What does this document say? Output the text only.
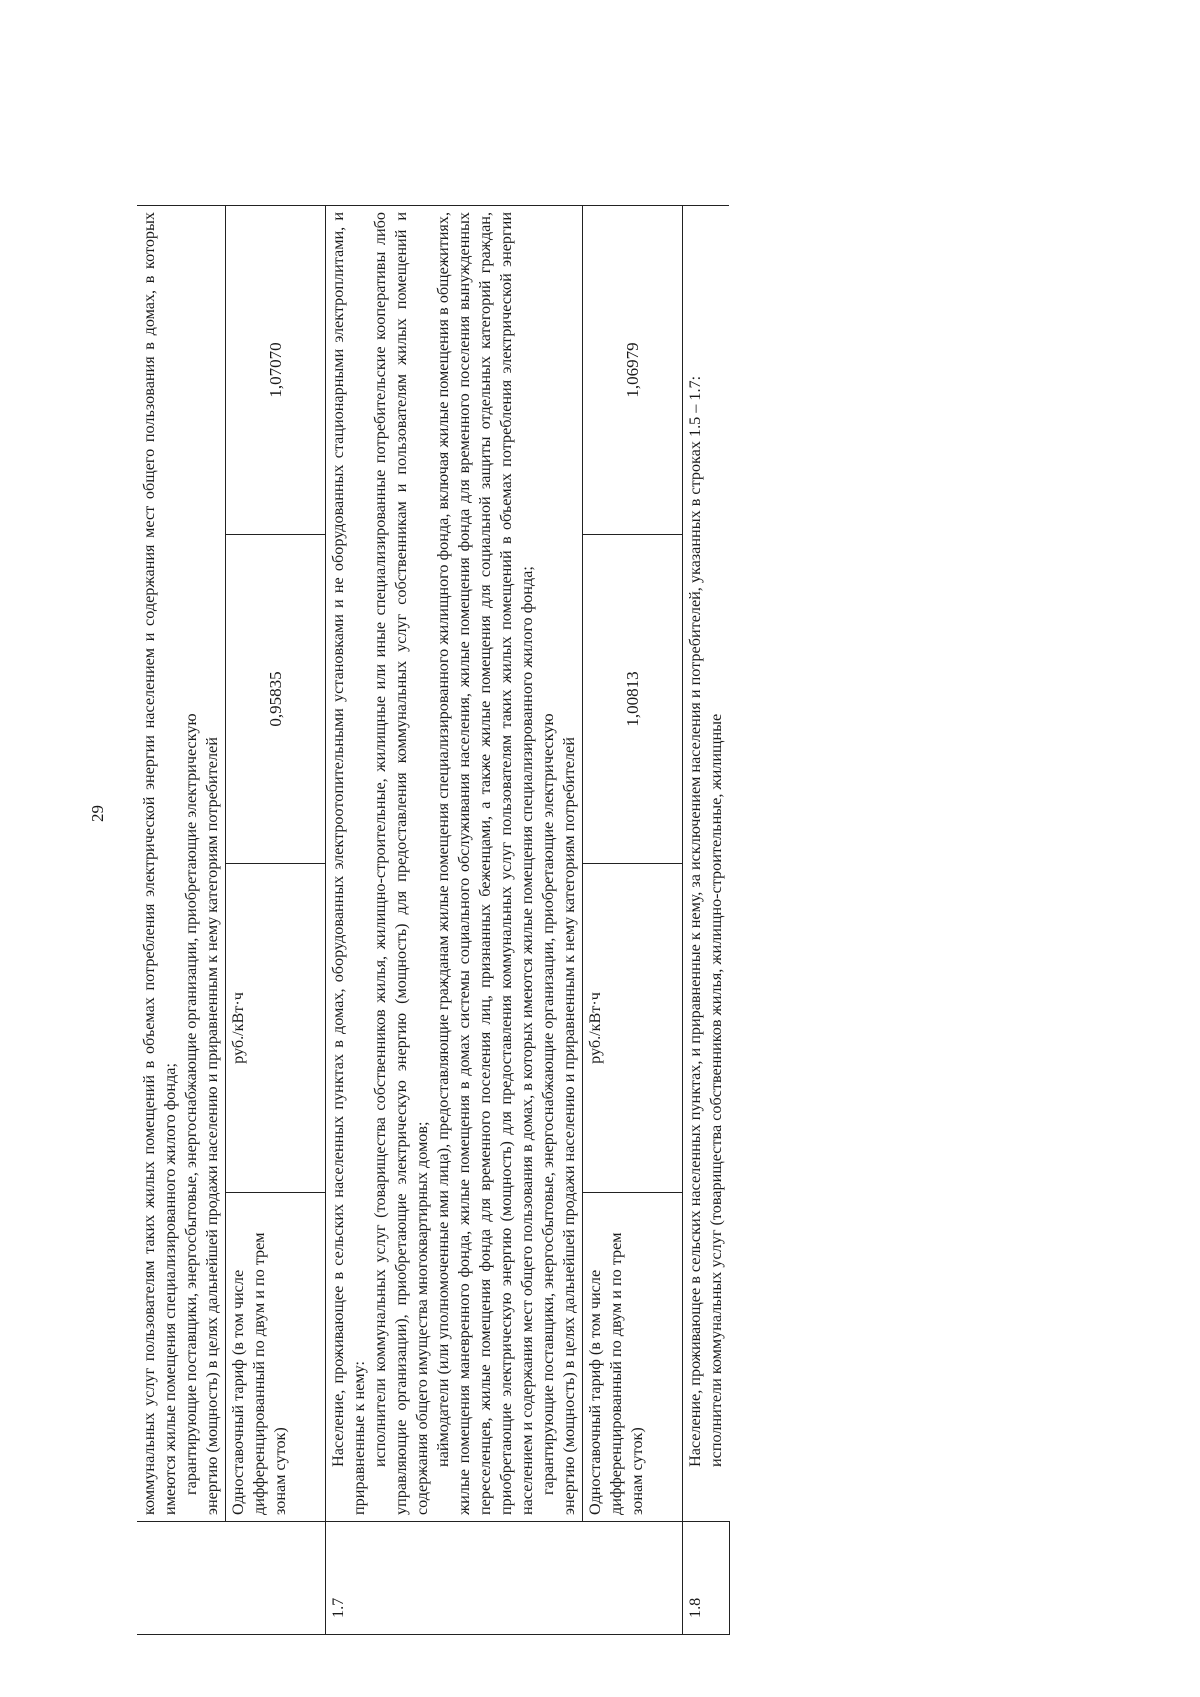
29

	коммунальных услуг пользователям таких жилых помещений в объемах потребления электрической энергии населением и содержания мест общего пользования в домах, в которых имеются жилые помещения специализированного жилого фонда; гарантирующие поставщики, энергосбытовые, энергоснабжающие организации, приобретающие электрическую энергию (мощность) в целях дальнейшей продажи населению и приравненным к нему категориям потребителей			

	Одноставочный тариф (в том числе дифференцированный по двум и по трем зонам суток)	руб./кВт·ч	0,95835	1,07070
1.7	Население, проживающее в сельских населенных пунктах в домах, оборудованных электроотопительными установками и не оборудованных стационарными электроплитами, и приравненные к нему: исполнители коммунальных услуг (товарищества собственников жилья, жилищно-строительные, жилищные или иные специализированные потребительские кооперативы либо управляющие организации), приобретающие электрическую энергию (мощность) для предоставления коммунальных услуг собственникам и пользователям жилых помещений и содержания общего имущества многоквартирных домов; наймодатели (или уполномоченные ими лица), предоставляющие гражданам жилые помещения специализированного жилищного фонда, включая жилые помещения в общежитиях, жилые помещения маневренного фонда, жилые помещения в домах системы социального обслуживания населения, жилые помещения фонда для временного поселения вынужденных переселенцев, жилые помещения фонда для временного поселения лиц, признанных беженцами, а также жилые помещения для социальной защиты отдельных категорий граждан, приобретающие электрическую энергию (мощность) для предоставления коммунальных услуг пользователям таких жилых помещений в объемах потребления электрической энергии населением и содержания мест общего пользования в домах, в которых имеются жилые помещения специализированного жилого фонда; гарантирующие поставщики, энергосбытовые, энергоснабжающие организации, приобретающие электрическую энергию (мощность) в целях дальнейшей продажи населению и приравненным к нему категориям потребителей			

	Одноставочный тариф (в том числе дифференцированный по двум и по трем зонам суток)	руб./кВт·ч	1,00813	1,06979
1.8	Население, проживающее в сельских населенных пунктах, и приравненные к нему, за исключением населения и потребителей, указанных в строках 1.5 – 1.7: исполнители коммунальных услуг (товарищества собственников жилья, жилищно-строительные, жилищные			
